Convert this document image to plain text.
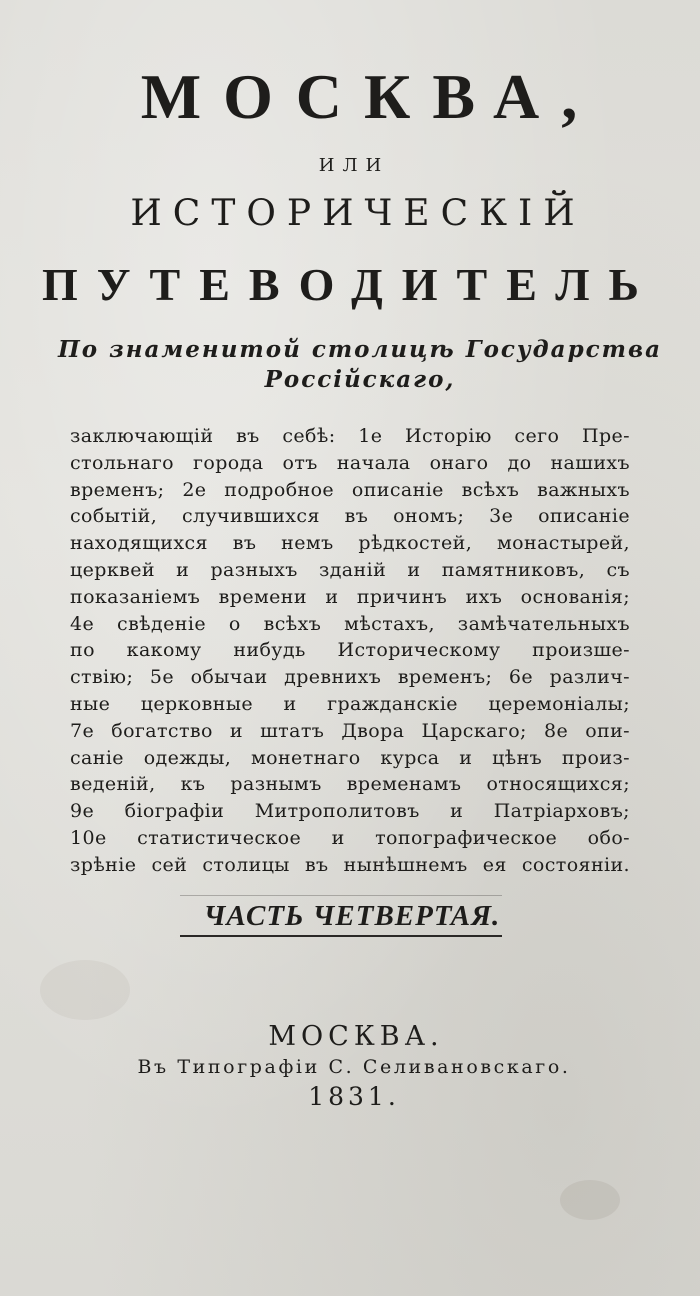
МОСКВА,
или
ИСТОРИЧЕСКІЙ
ПУТЕВОДИТЕЛЬ
По знаменитой столицѣ Государства
Россійскаго,
заключающій въ себѣ: 1е Исторію сего Пре-
стольнаго города отъ начала онаго до нашихъ
временъ; 2е подробное описаніе всѣхъ важныхъ
событій, случившихся въ ономъ; 3е описаніе
находящихся въ немъ рѣдкостей, монастырей,
церквей и разныхъ зданій и памятниковъ, съ
показаніемъ времени и причинъ ихъ основанія;
4е свѣденіе о всѣхъ мѣстахъ, замѣчательныхъ
по какому нибудь Историческому произше-
ствію; 5е обычаи древнихъ временъ; 6е различ-
ные церковные и гражданскіе церемоніалы;
7е богатство и штатъ Двора Царскаго; 8е опи-
саніе одежды, монетнаго курса и цѣнъ произ-
веденій, къ разнымъ временамъ относящихся;
9е біографіи Митрополитовъ и Патріарховъ;
10е статистическое и топографическое обо-
зрѣніе сей столицы въ нынѣшнемъ ея состояніи.
ЧАСТЬ ЧЕТВЕРТАЯ.
МОСКВА.
Въ Типографіи С. Селивановскаго.
1831.
